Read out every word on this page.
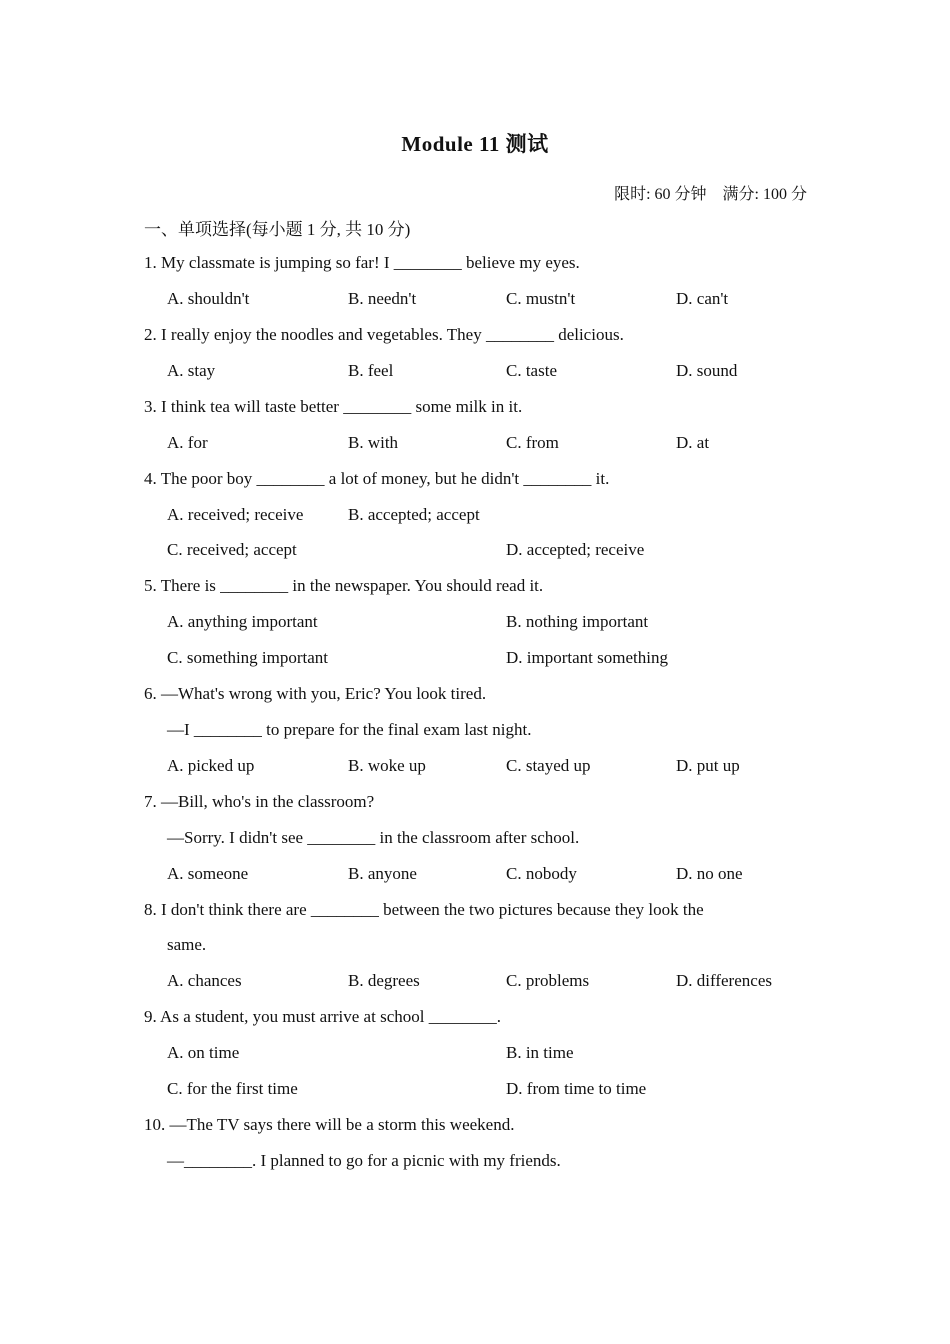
Module 11 测试
限时: 60 分钟 满分: 100 分
一、单项选择(每小题 1 分, 共 10 分)
1. My classmate is jumping so far! I ________ believe my eyes.
A. shouldn't	B. needn't	C. mustn't	D. can't
2. I really enjoy the noodles and vegetables. They ________ delicious.
A. stay	B. feel	C. taste	D. sound
3. I think tea will taste better ________ some milk in it.
A. for	B. with	C. from	D. at
4. The poor boy ________ a lot of money, but he didn't ________ it.
A. received; receive	B. accepted; accept
C. received; accept	D. accepted; receive
5. There is ________ in the newspaper. You should read it.
A. anything important	B. nothing important
C. something important	D. important something
6. —What's wrong with you, Eric? You look tired.
—I ________ to prepare for the final exam last night.
A. picked up	B. woke up	C. stayed up	D. put up
7. —Bill, who's in the classroom?
—Sorry. I didn't see ________ in the classroom after school.
A. someone	B. anyone	C. nobody	D. no one
8. I don't think there are ________ between the two pictures because they look the
same.
A. chances	B. degrees	C. problems	D. differences
9. As a student, you must arrive at school ________.
A. on time	B. in time
C. for the first time	D. from time to time
10. —The TV says there will be a storm this weekend.
—________. I planned to go for a picnic with my friends.
